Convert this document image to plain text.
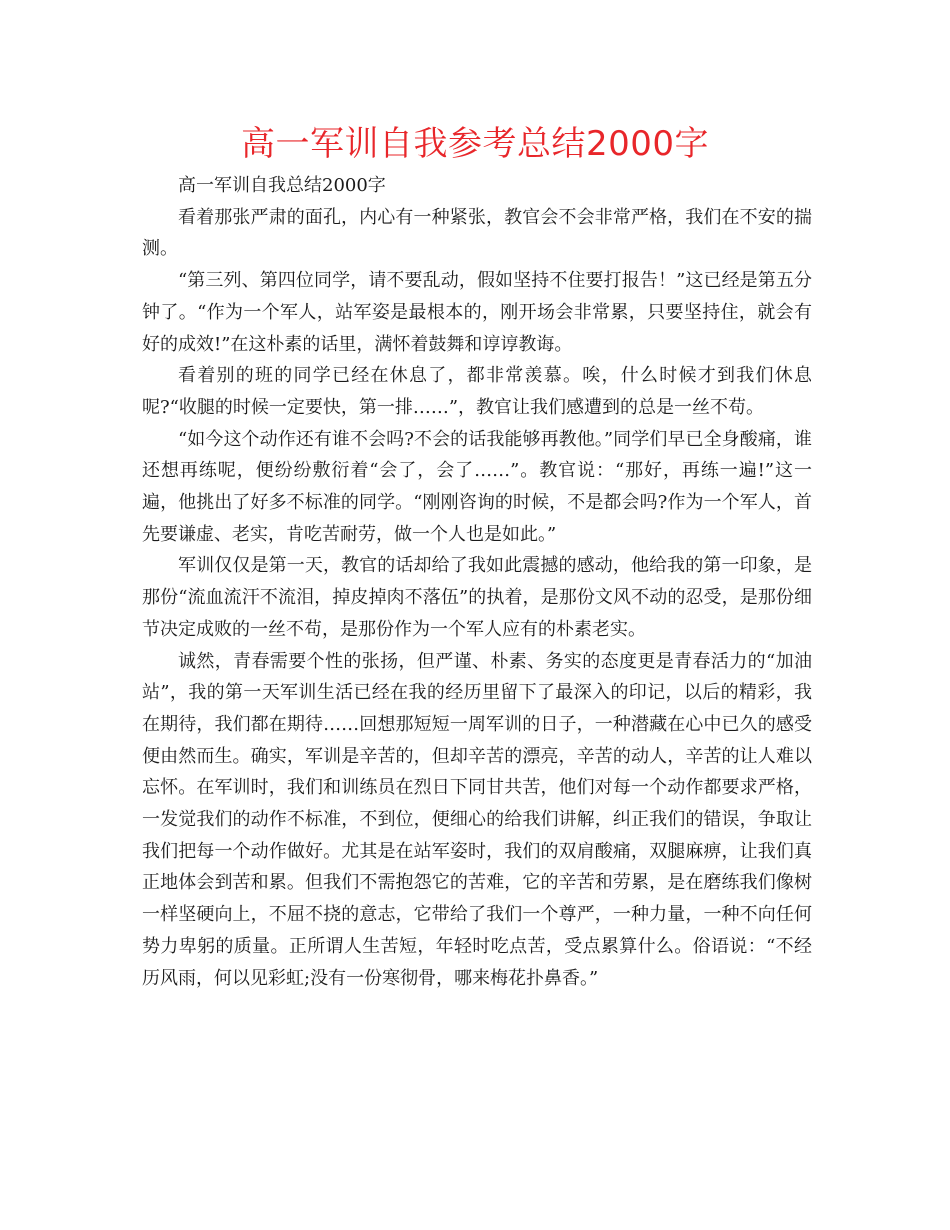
高一军训自我参考总结2000字

高一军训自我总结2000字

看着那张严肃的面孔，内心有一种紧张，教官会不会非常严格，我们在不安的揣测。

“第三列、第四位同学，请不要乱动，假如坚持不住要打报告！”这已经是第五分钟了。“作为一个军人，站军姿是最根本的，刚开场会非常累，只要坚持住，就会有好的成效!”在这朴素的话里，满怀着鼓舞和谆谆教诲。

看着别的班的同学已经在休息了，都非常羡慕。唉，什么时候才到我们休息呢?“收腿的时候一定要快，第一排……”，教官让我们感遭到的总是一丝不苟。

“如今这个动作还有谁不会吗?不会的话我能够再教他。”同学们早已全身酸痛，谁还想再练呢，便纷纷敷衍着“会了，会了……”。教官说：“那好，再练一遍!”这一遍，他挑出了好多不标准的同学。“刚刚咨询的时候，不是都会吗?作为一个军人，首先要谦虚、老实，肯吃苦耐劳，做一个人也是如此。”

军训仅仅是第一天，教官的话却给了我如此震撼的感动，他给我的第一印象，是那份“流血流汗不流泪，掉皮掉肉不落伍”的执着，是那份文风不动的忍受，是那份细节决定成败的一丝不苟，是那份作为一个军人应有的朴素老实。

诚然，青春需要个性的张扬，但严谨、朴素、务实的态度更是青春活力的“加油站”，我的第一天军训生活已经在我的经历里留下了最深入的印记，以后的精彩，我在期待，我们都在期待……回想那短短一周军训的日子，一种潜藏在心中已久的感受便由然而生。确实，军训是辛苦的，但却辛苦的漂亮，辛苦的动人，辛苦的让人难以忘怀。在军训时，我们和训练员在烈日下同甘共苦，他们对每一个动作都要求严格，一发觉我们的动作不标准，不到位，便细心的给我们讲解，纠正我们的错误，争取让我们把每一个动作做好。尤其是在站军姿时，我们的双肩酸痛，双腿麻痹，让我们真正地体会到苦和累。但我们不需抱怨它的苦难，它的辛苦和劳累，是在磨练我们像树一样坚硬向上，不屈不挠的意志，它带给了我们一个尊严，一种力量，一种不向任何势力卑躬的质量。正所谓人生苦短，年轻时吃点苦，受点累算什么。俗语说：“不经历风雨，何以见彩虹;没有一份寒彻骨，哪来梅花扑鼻香。”
